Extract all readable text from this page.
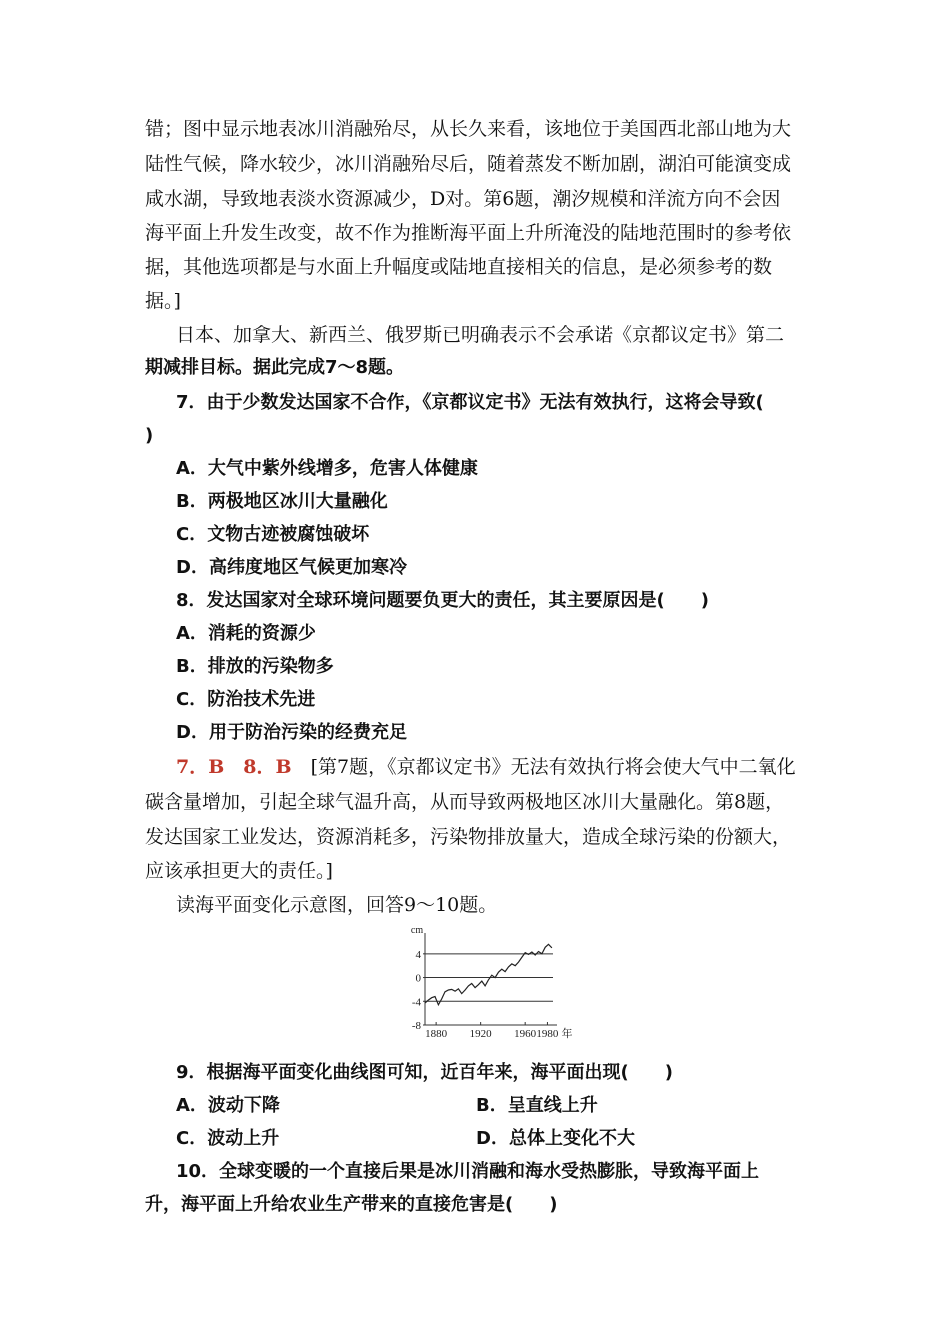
错；图中显示地表冰川消融殆尽，从长久来看，该地位于美国西北部山地为大
陆性气候，降水较少，冰川消融殆尽后，随着蒸发不断加剧，湖泊可能演变成
咸水湖，导致地表淡水资源减少，D对。第6题，潮汐规模和洋流方向不会因
海平面上升发生改变，故不作为推断海平面上升所淹没的陆地范围时的参考依
据，其他选项都是与水面上升幅度或陆地直接相关的信息，是必须参考的数
据。]
日本、加拿大、新西兰、俄罗斯已明确表示不会承诺《京都议定书》第二
期减排目标。据此完成7～8题。
7．由于少数发达国家不合作，《京都议定书》无法有效执行，这将会导致(
)
A．大气中紫外线增多，危害人体健康
B．两极地区冰川大量融化
C．文物古迹被腐蚀破坏
D．高纬度地区气候更加寒冷
8．发达国家对全球环境问题要负更大的责任，其主要原因是(　　)
A．消耗的资源少
B．排放的污染物多
C．防治技术先进
D．用于防治污染的经费充足
7．B　8．B　[第7题，《京都议定书》无法有效执行将会使大气中二氧化
碳含量增加，引起全球气温升高，从而导致两极地区冰川大量融化。第8题，
发达国家工业发达，资源消耗多，污染物排放量大，造成全球污染的份额大，
应该承担更大的责任。]
读海平面变化示意图，回答9～10题。
4
0
-4
-8
1880 1920 1960 1980
cm
年
9．根据海平面变化曲线图可知，近百年来，海平面出现(　　)
A．波动下降	B．呈直线上升
C．波动上升	D．总体上变化不大
10．全球变暖的一个直接后果是冰川消融和海水受热膨胀，导致海平面上
升，海平面上升给农业生产带来的直接危害是(　　)
